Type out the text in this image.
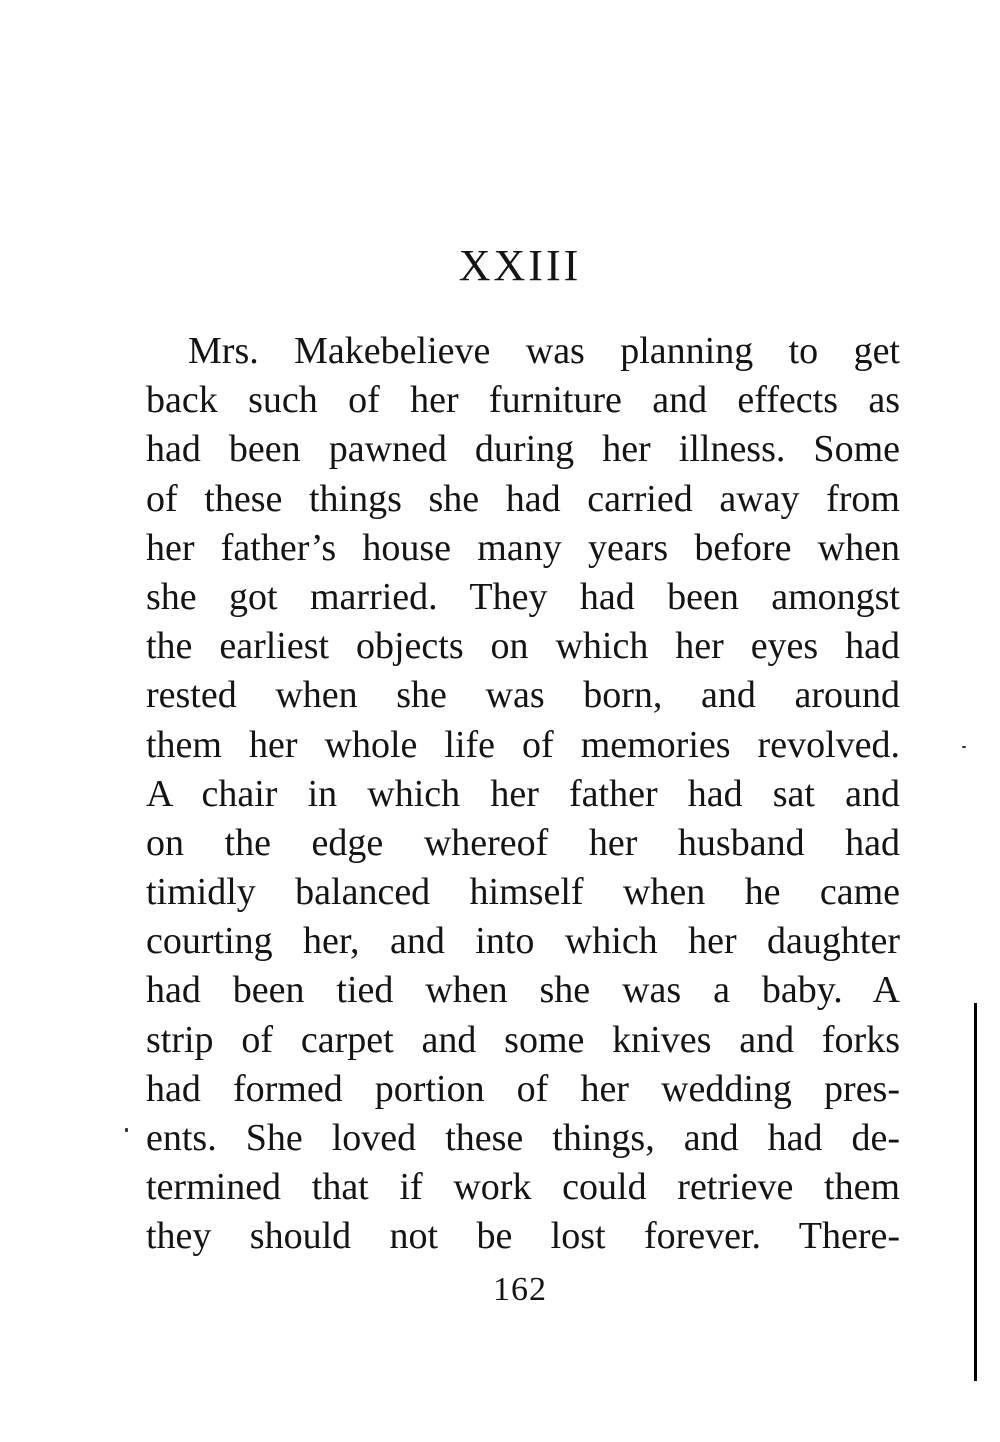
XXIII
Mrs. Makebelieve was planning to get
back such of her furniture and effects as
had been pawned during her illness. Some
of these things she had carried away from
her father’s house many years before when
she got married. They had been amongst
the earliest objects on which her eyes had
rested when she was born, and around
them her whole life of memories revolved.
A chair in which her father had sat and
on the edge whereof her husband had
timidly balanced himself when he came
courting her, and into which her daughter
had been tied when she was a baby. A
strip of carpet and some knives and forks
had formed portion of her wedding pres-
ents. She loved these things, and had de-
termined that if work could retrieve them
they should not be lost forever. There-
162
